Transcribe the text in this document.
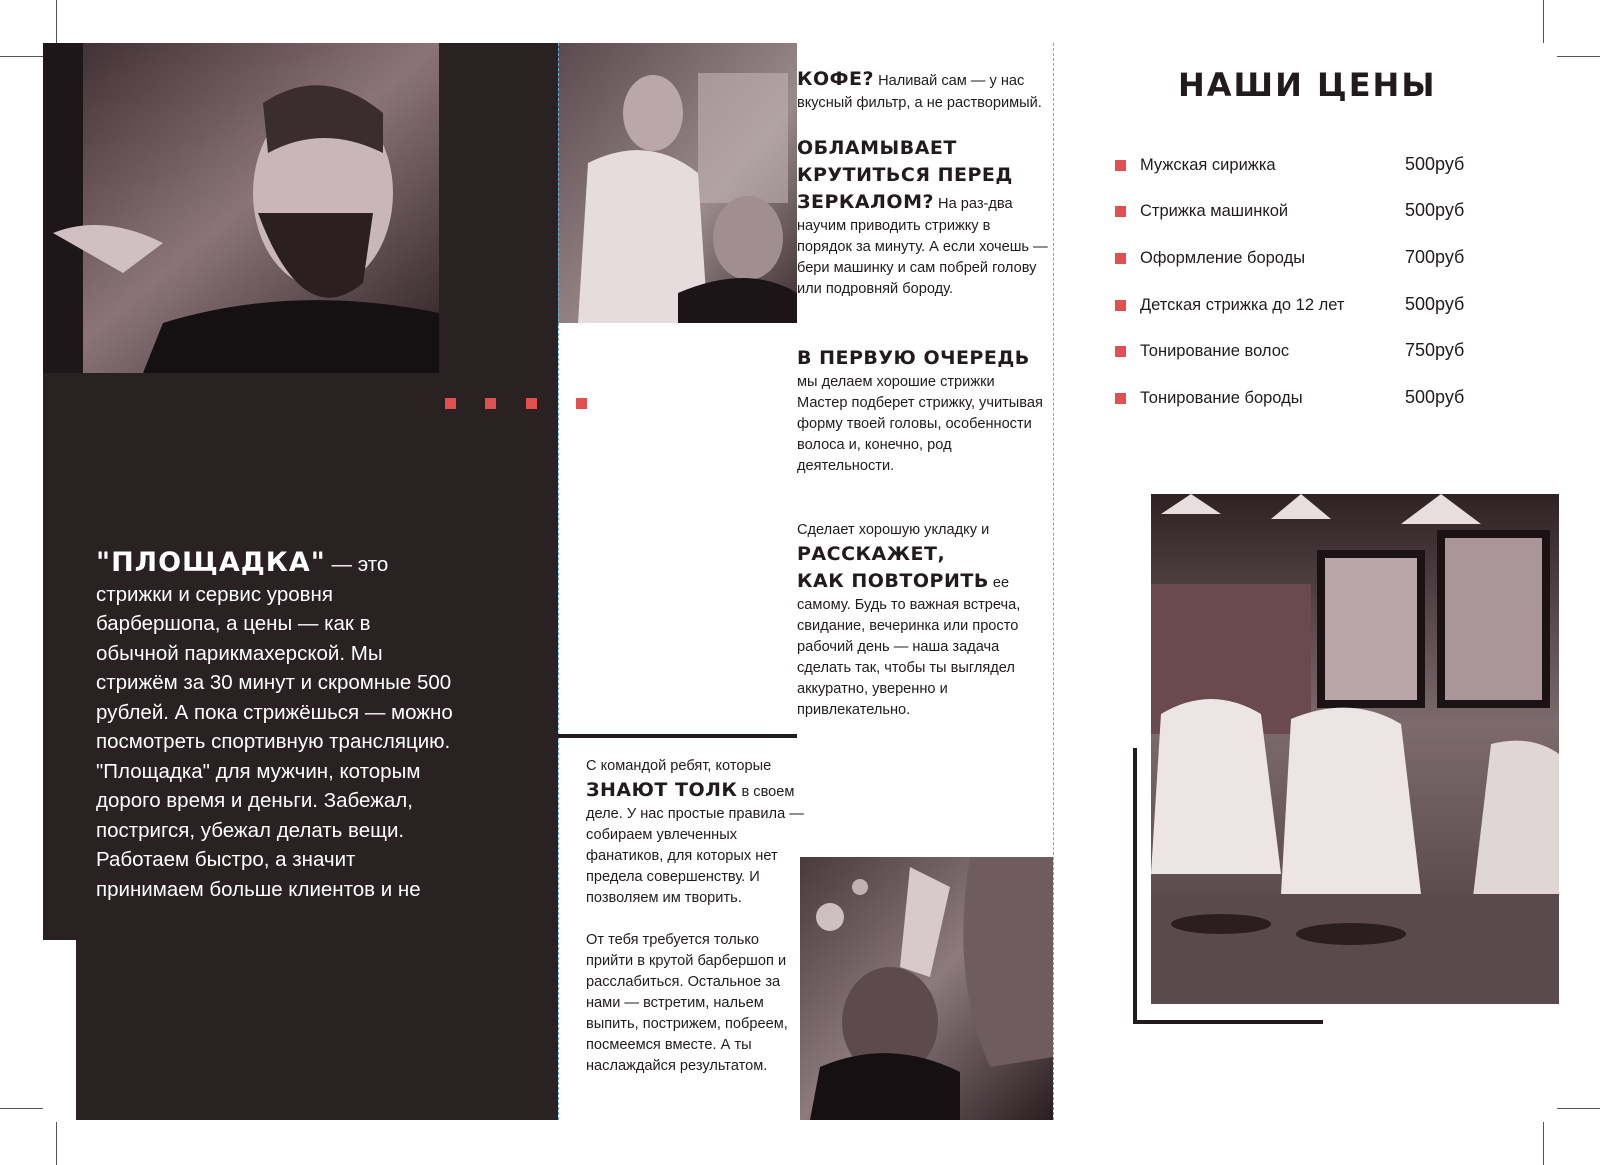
"ПЛОЩАДКА" — это стрижки и сервис уровня барбершопа, а цены — как в обычной парикмахерской. Мы стрижём за 30 минут и скромные 500 рублей. А пока стрижёшься — можно посмотреть спортивную трансляцию.
"Площадка" для мужчин, которым дорого время и деньги. Забежал, постригся, убежал делать вещи. Работаем быстро, а значит принимаем больше клиентов и не
КОФЕ? Наливай сам — у нас вкусный фильтр, а не растворимый.
ОБЛАМЫВАЕТ КРУТИТЬСЯ ПЕРЕД ЗЕРКАЛОМ? На раз-два научим приводить стрижку в порядок за минуту. А если хочешь — бери машинку и сам побрей голову или подровняй бороду.
В ПЕРВУЮ ОЧЕРЕДЬ
мы делаем хорошие стрижки Мастер подберет стрижку, учитывая форму твоей головы, особенности волоса и, конечно, род деятельности.
Сделает хорошую укладку и
РАССКАЖЕТ,
КАК ПОВТОРИТЬ ее
самому. Будь то важная встреча, свидание, вечеринка или просто рабочий день — наша задача сделать так, чтобы ты выглядел аккуратно, уверенно и привлекательно.
С командой ребят, которые
ЗНАЮТ ТОЛК в своем
деле. У нас простые правила — собираем увлеченных фанатиков, для которых нет предела совершенству. И позволяем им творить.
От тебя требуется только прийти в крутой барбершоп и расслабиться. Остальное за нами — встретим, нальем выпить, пострижем, побреем, посмеемся вместе. А ты наслаждайся результатом.
НАШИ ЦЕНЫ
Мужская сирижка	500руб
Стрижка машинкой	500руб
Оформление бороды	700руб
Детская стрижка до 12 лет	500руб
Тонирование волос	750руб
Тонирование бороды	500руб
